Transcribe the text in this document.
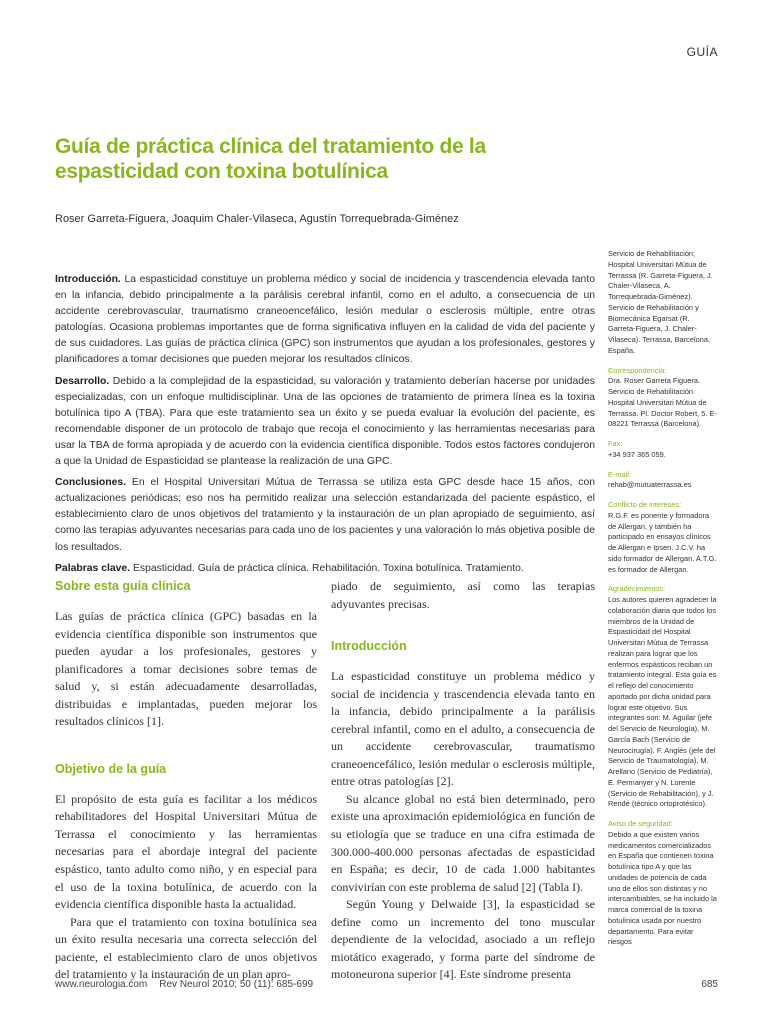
GUÍA
Guía de práctica clínica del tratamiento de la espasticidad con toxina botulínica
Roser Garreta-Figuera, Joaquim Chaler-Vilaseca, Agustín Torrequebrada-Giménez

Introducción. La espasticidad constituye un problema médico y social de incidencia y trascendencia elevada tanto en la infancia, debido principalmente a la parálisis cerebral infantil, como en el adulto, a consecuencia de un accidente cerebrovascular, traumatismo craneoencefálico, lesión medular o esclerosis múltiple, entre otras patologías. Ocasiona problemas importantes que de forma significativa influyen en la calidad de vida del paciente y de sus cuidadores. Las guías de práctica clínica (GPC) son instrumentos que ayudan a los profesionales, gestores y planificadores a tomar decisiones que pueden mejorar los resultados clínicos.

Desarrollo. Debido a la complejidad de la espasticidad, su valoración y tratamiento deberían hacerse por unidades especializadas, con un enfoque multidisciplinar. Una de las opciones de tratamiento de primera línea es la toxina botulínica tipo A (TBA). Para que este tratamiento sea un éxito y se pueda evaluar la evolución del paciente, es recomendable disponer de un protocolo de trabajo que recoja el conocimiento y las herramientas necesarias para usar la TBA de forma apropiada y de acuerdo con la evidencia científica disponible. Todos estos factores condujeron a que la Unidad de Espasticidad se plantease la realización de una GPC.

Conclusiones. En el Hospital Universitari Mútua de Terrassa se utiliza esta GPC desde hace 15 años, con actualizaciones periódicas; eso nos ha permitido realizar una selección estandarizada del paciente espástico, el establecimiento claro de unos objetivos del tratamiento y la instauración de un plan apropiado de seguimiento, así como las terapias adyuvantes necesarias para cada uno de los pacientes y una valoración lo más objetiva posible de los resultados.

Palabras clave. Espasticidad. Guía de práctica clínica. Rehabilitación. Toxina botulínica. Tratamiento.

Sobre esta guía clínica

Las guías de práctica clínica (GPC) basadas en la evidencia científica disponible son instrumentos que pueden ayudar a los profesionales, gestores y planificadores a tomar decisiones sobre temas de salud y, si están adecuadamente desarrolladas, distribuidas e implantadas, pueden mejorar los resultados clínicos [1].

Objetivo de la guía

El propósito de esta guía es facilitar a los médicos rehabilitadores del Hospital Universitari Mútua de Terrassa el conocimiento y las herramientas necesarias para el abordaje integral del paciente espástico, tanto adulto como niño, y en especial para el uso de la toxina botulínica, de acuerdo con la evidencia científica disponible hasta la actualidad.

Para que el tratamiento con toxina botulínica sea un éxito resulta necesaria una correcta selección del paciente, el establecimiento claro de unos objetivos del tratamiento y la instauración de un plan apro-

piado de seguimiento, así como las terapias adyuvantes precisas.

Introducción

La espasticidad constituye un problema médico y social de incidencia y trascendencia elevada tanto en la infancia, debido principalmente a la parálisis cerebral infantil, como en el adulto, a consecuencia de un accidente cerebrovascular, traumatismo craneoencefálico, lesión medular o esclerosis múltiple, entre otras patologías [2].

Su alcance global no está bien determinado, pero existe una aproximación epidemiológica en función de su etiología que se traduce en una cifra estimada de 300.000-400.000 personas afectadas de espasticidad en España; es decir, 10 de cada 1.000 habitantes convivirían con este problema de salud [2] (Tabla I).

Según Young y Delwaide [3], la espasticidad se define como un incremento del tono muscular dependiente de la velocidad, asociado a un reflejo miotático exagerado, y forma parte del síndrome de motoneurona superior [4]. Este síndrome presenta

Servicio de Rehabilitación; Hospital Universitari Mútua de Terrassa (R. Garreta-Figuera, J. Chaler-Vilaseca, A. Torrequebrada-Giménez). Servicio de Rehabilitación y Biomecánica Egarsat (R. Garreta-Figuera, J. Chaler-Vilaseca). Terrassa, Barcelona, España.
Correspondencia:
Dra. Roser Garreta Figuera. Servicio de Rehabilitación. Hospital Universitari Mútua de Terrassa. Pl. Doctor Robert, 5. E-08221 Terrassa (Barcelona).
Fax:
+34 937 365 059.
E-mail:
rehab@mutuaterrassa.es
Conflicto de intereses:
R.G.F. es ponente y formadora de Allergan, y también ha participado en ensayos clínicos de Allergan e Ipsen. J.C.V. ha sido formador de Allergan. A.T.G. es formador de Allergan.
Agradecimientos:
Los autores quieren agradecer la colaboración diaria que todos los miembros de la Unidad de Espasticidad del Hospital Universitari Mútua de Terrassa realizan para lograr que los enfermos espásticos reciban un tratamiento integral. Esta guía es el reflejo del conocimiento aportado por dicha unidad para lograr este objetivo. Sus integrantes son: M. Aguilar (jefe del Servicio de Neurología), M. García Bach (Servicio de Neurocirugía), F. Anglès (jefe del Servicio de Traumatología), M. Arellano (Servicio de Pediatría), E. Permanyer y N. Lorente (Servicio de Rehabilitación), y J. Rendé (técnico ortoprotésico).
Aviso de seguridad:
Debido a que existen varios medicamentos comercializados en España que contienen toxina botulínica tipo A y que las unidades de potencia de cada uno de ellos son distintas y no intercambiables, se ha incluido la marca comercial de la toxina botulínica usada por nuestro departamento. Para evitar riesgos
www.neurologia.com Rev Neurol 2010; 50 (11): 685-699	685
